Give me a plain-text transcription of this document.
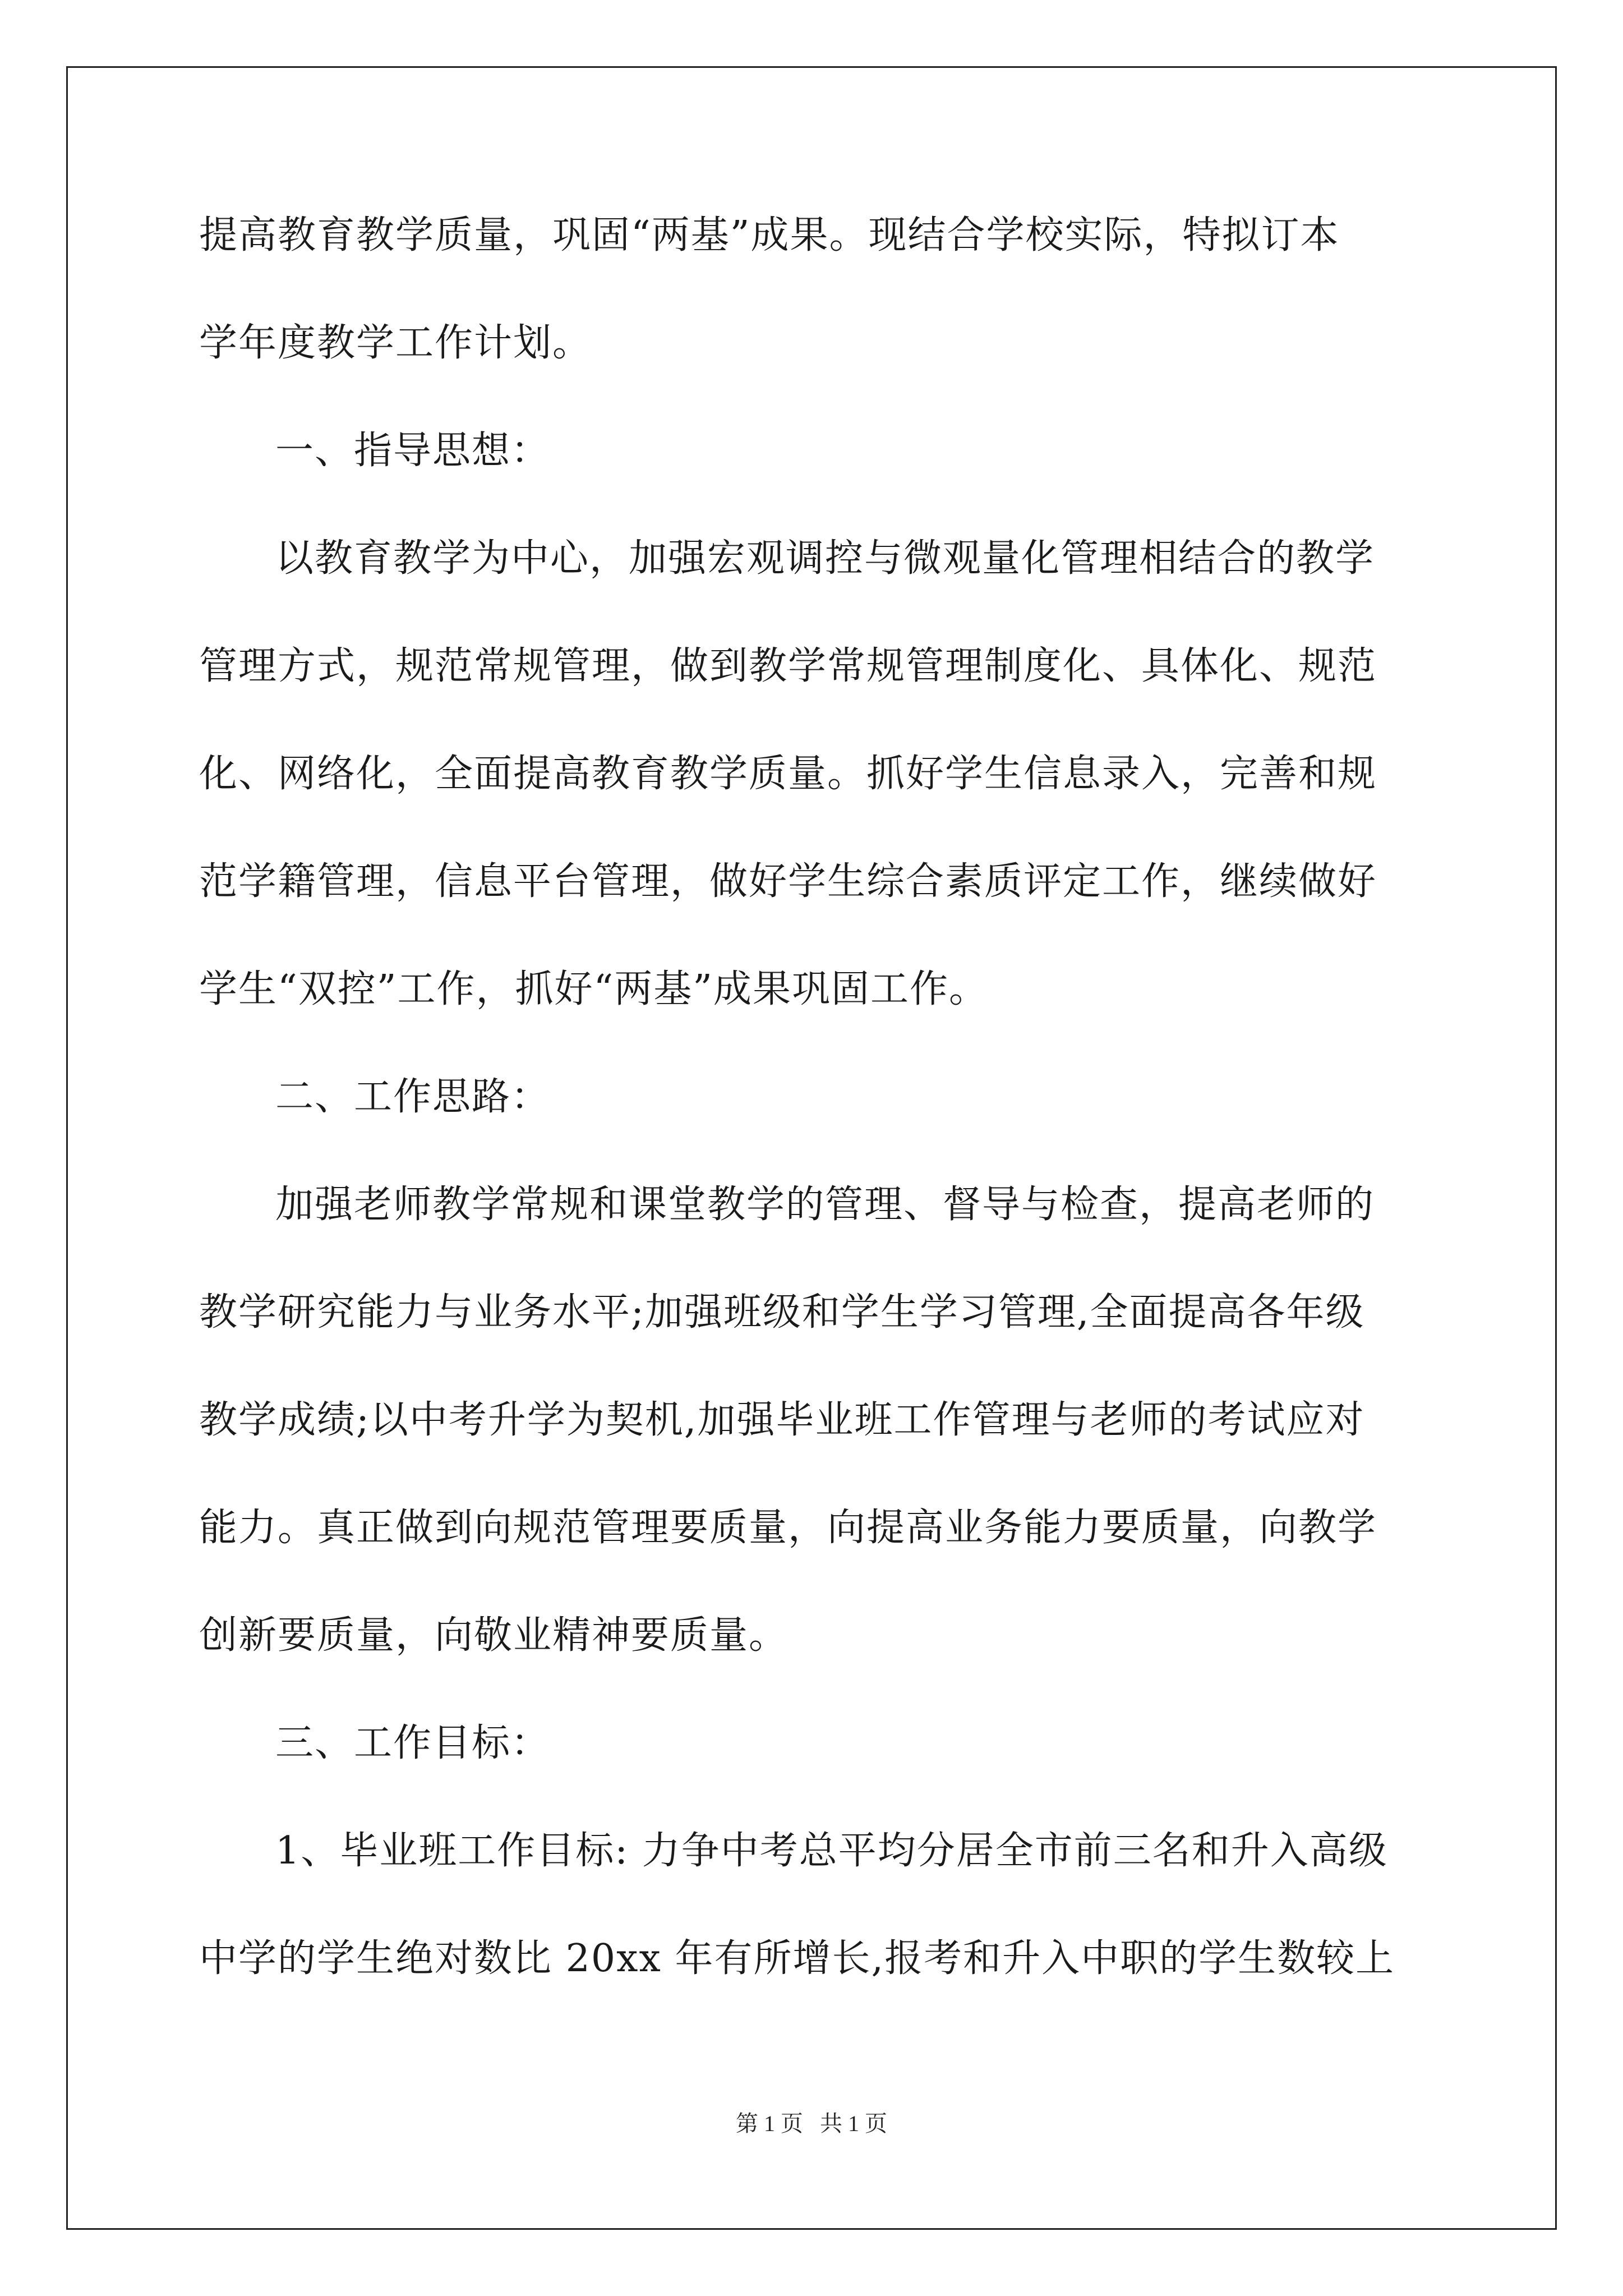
提高教育教学质量，巩固“两基”成果。现结合学校实际，特拟订本
学年度教学工作计划。
一、指导思想：
以教育教学为中心，加强宏观调控与微观量化管理相结合的教学
管理方式，规范常规管理，做到教学常规管理制度化、具体化、规范
化、网络化，全面提高教育教学质量。抓好学生信息录入，完善和规
范学籍管理，信息平台管理，做好学生综合素质评定工作，继续做好
学生“双控”工作，抓好“两基”成果巩固工作。
二、工作思路：
加强老师教学常规和课堂教学的管理、督导与检查，提高老师的
教学研究能力与业务水平;加强班级和学生学习管理,全面提高各年级
教学成绩;以中考升学为契机,加强毕业班工作管理与老师的考试应对
能力。真正做到向规范管理要质量，向提高业务能力要质量，向教学
创新要质量，向敬业精神要质量。
三、工作目标：
1、毕业班工作目标: 力争中考总平均分居全市前三名和升入高级
中学的学生绝对数比 20xx 年有所增长,报考和升入中职的学生数较上
第 1 页 共 1 页
